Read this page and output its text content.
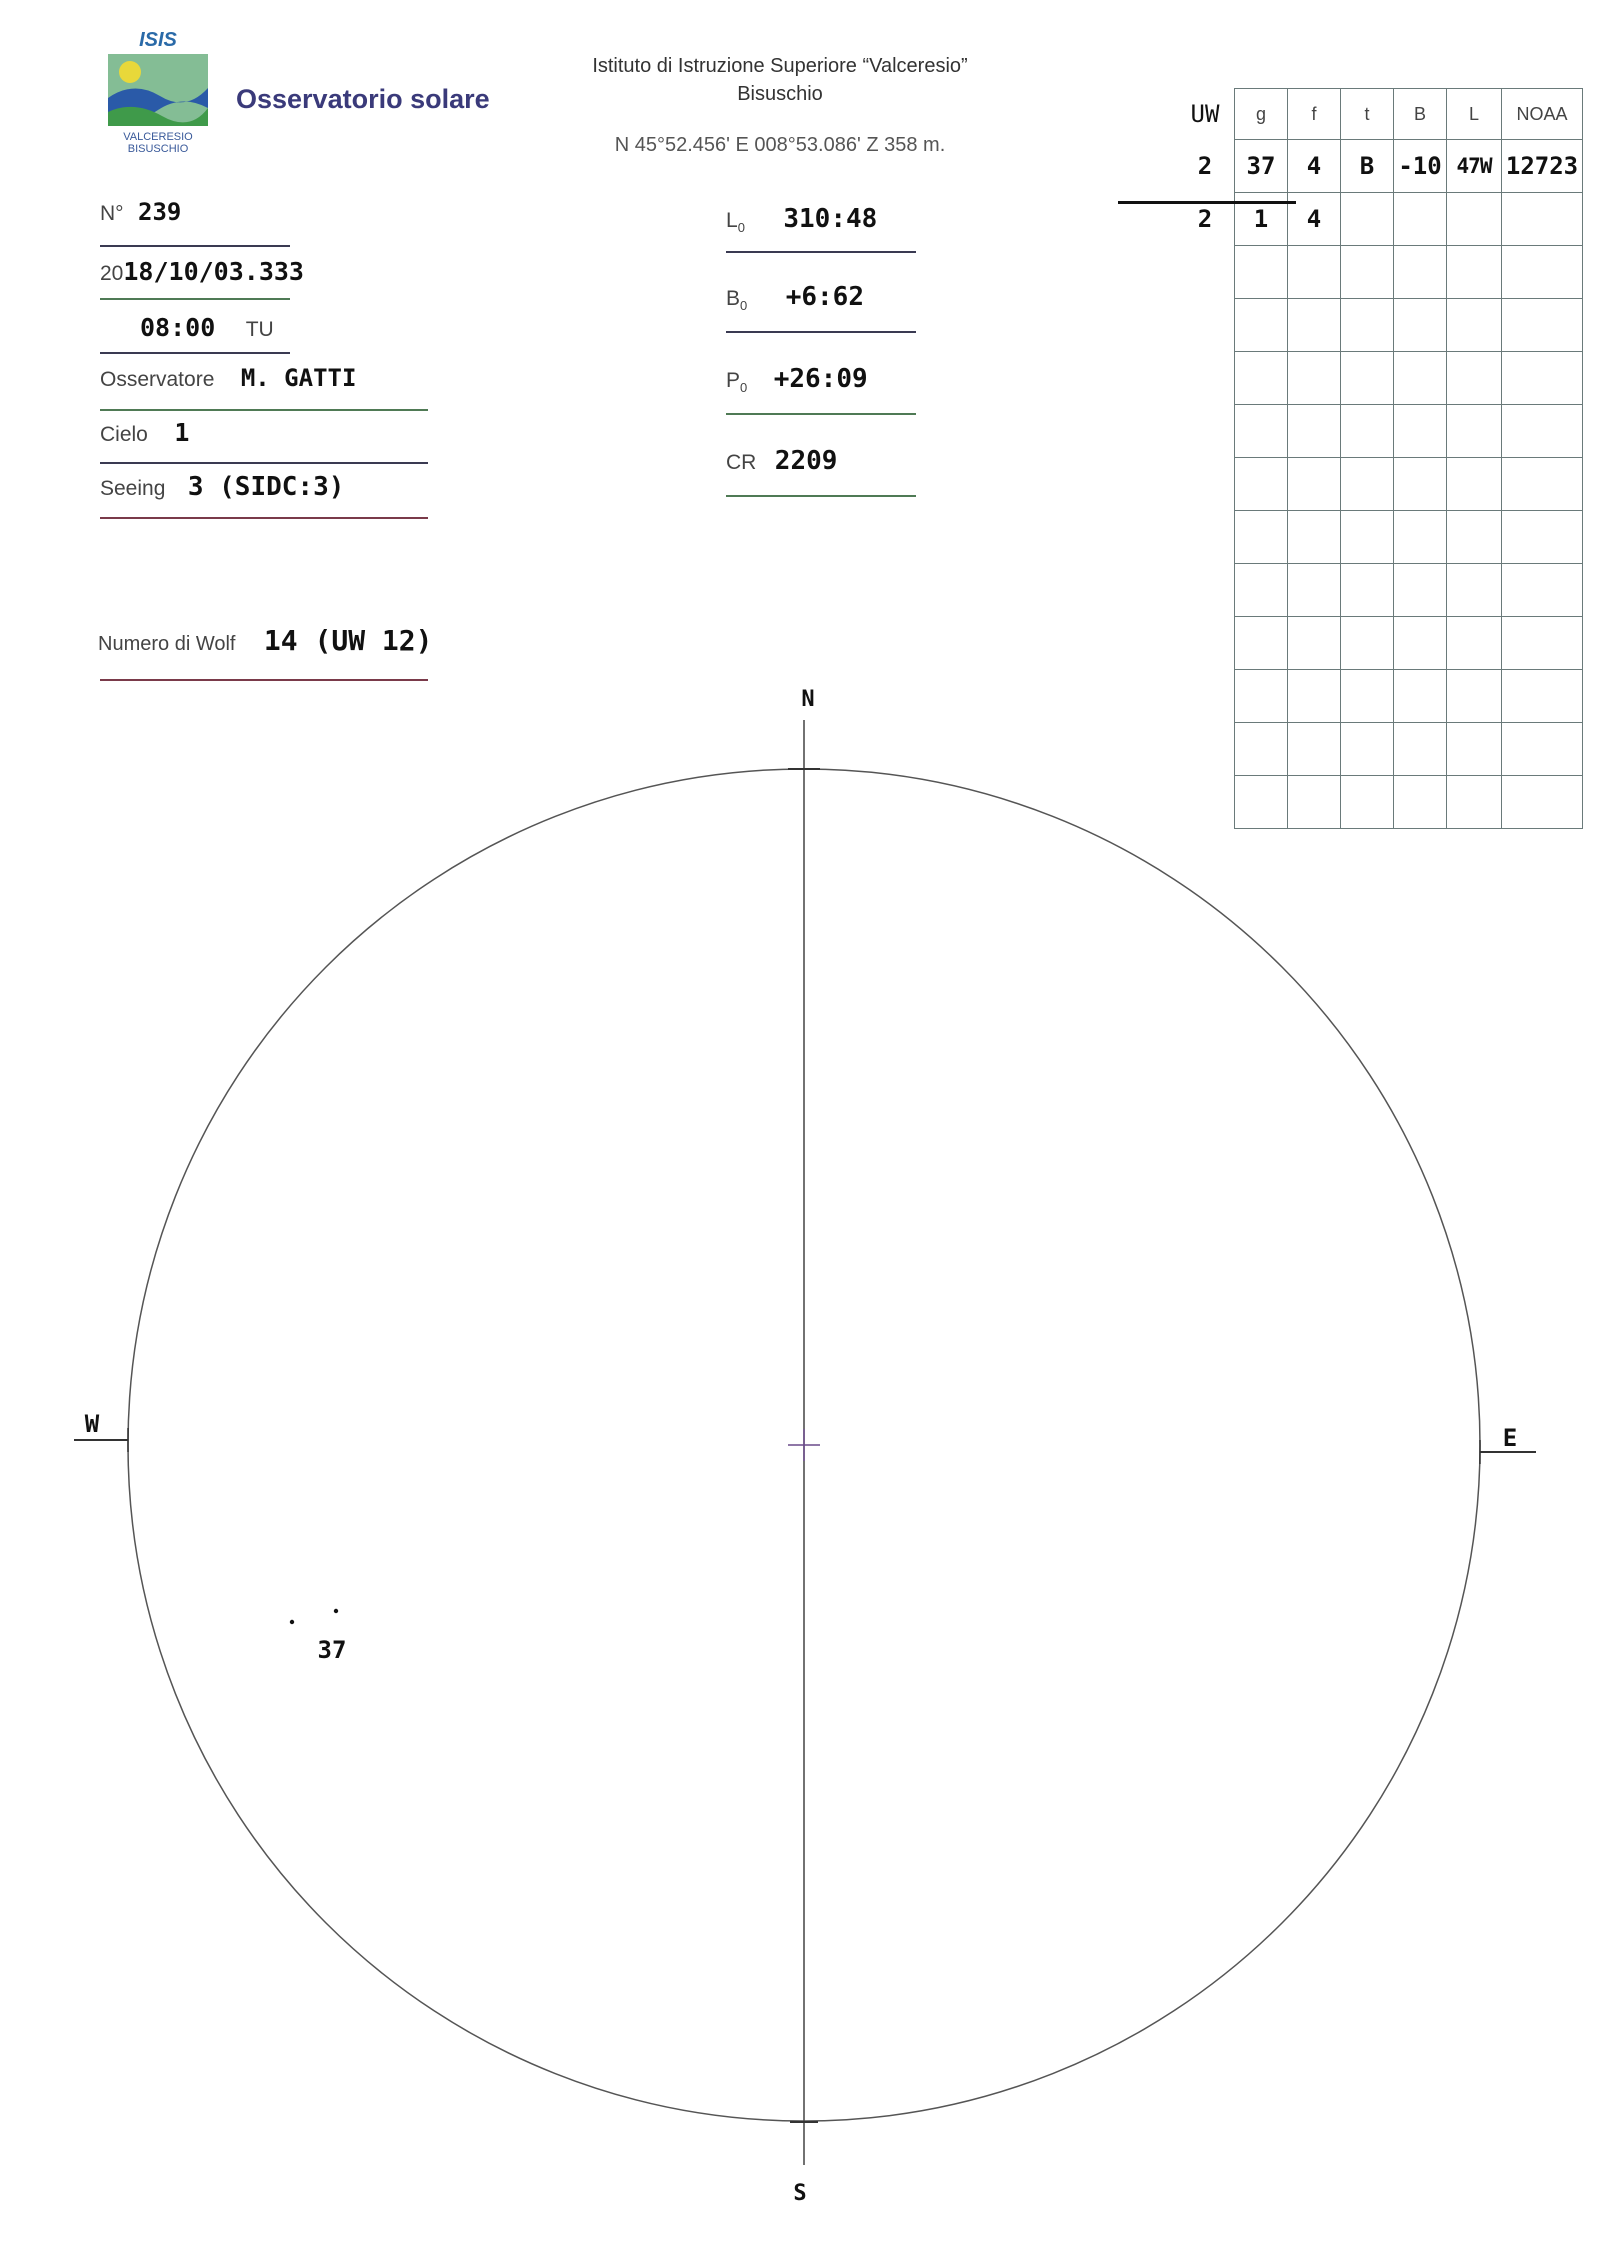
ISIS
VALCERESIO
BISUSCHIO
Osservatorio solare
Istituto di Istruzione Superiore “Valceresio”
Bisuschio
N 45°52.456' E 008°53.086' Z 358 m.
N° 239
2018/10/03.333
08:00 TU
Osservatore M. GATTI
Cielo 1
Seeing 3 (SIDC:3)
Numero di Wolf 14 (UW 12)
$L_0$ 310:48
$B_0$ +6:62
$P_0$ +26:09
CR 2209
UW	g	f	t	B	L	NOAA
2	37	4	B	-10	47W	12723
2	1	4				

N
S
W	E
37
